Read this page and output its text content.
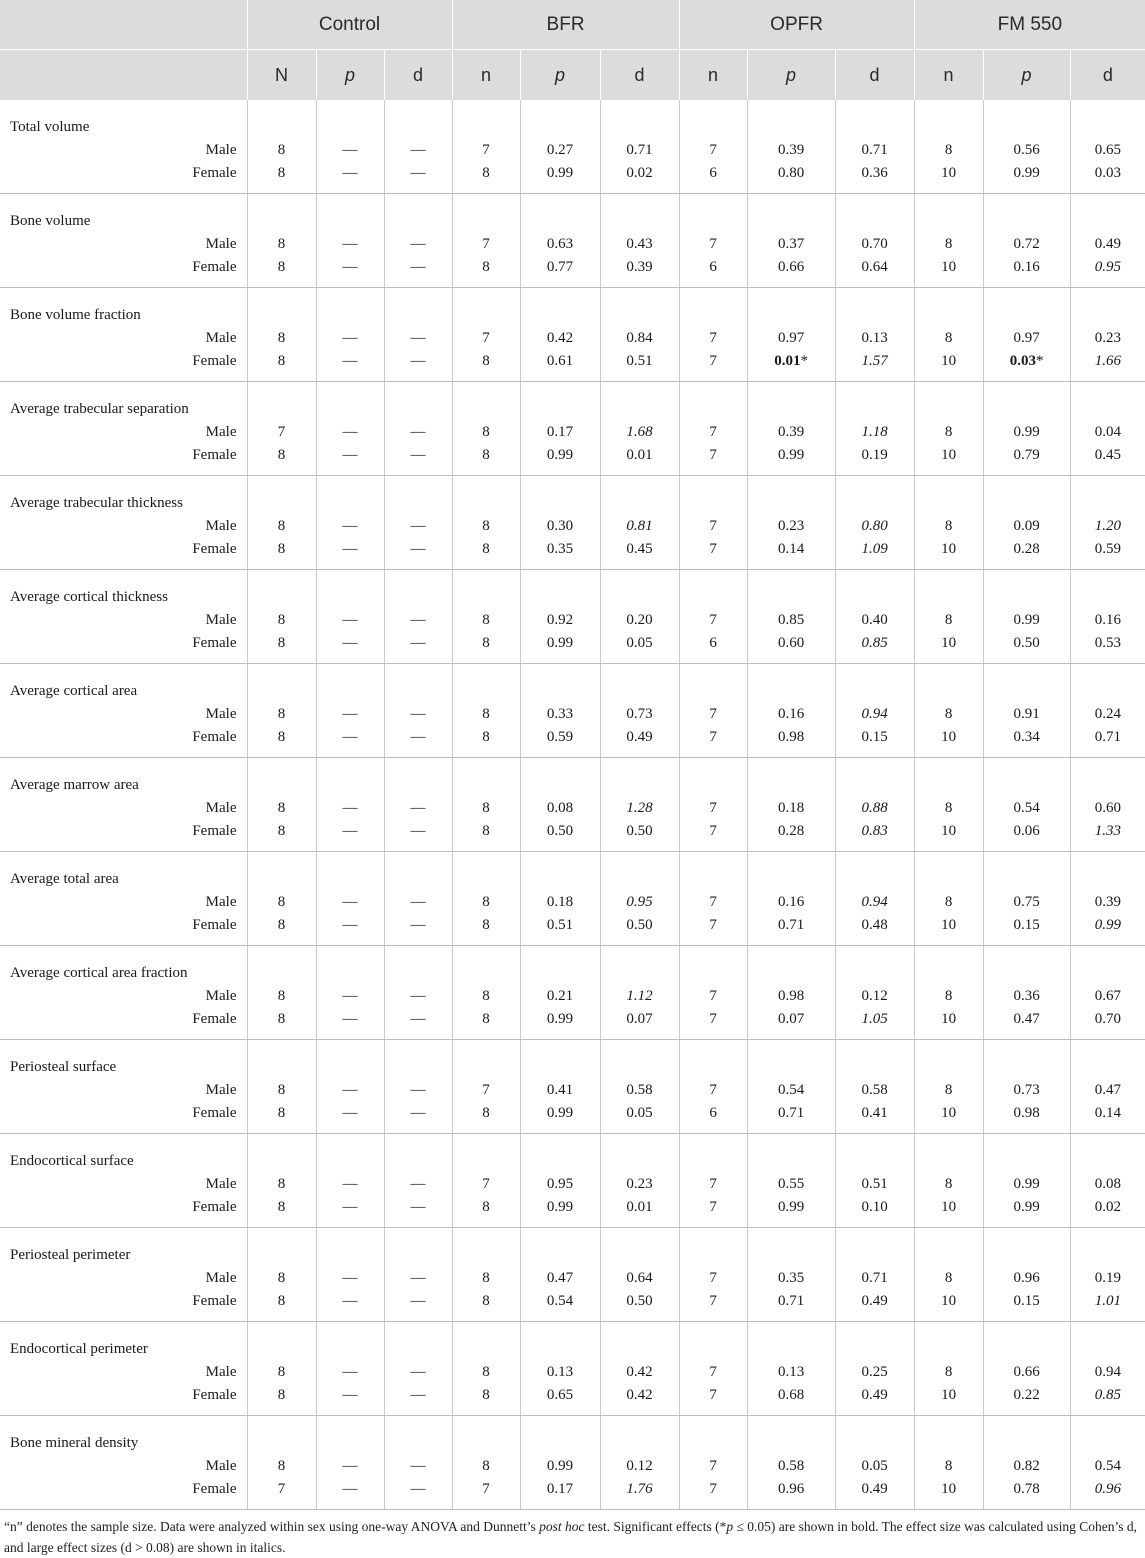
	Control			BFR			OPFR			FM 550		
	N	p	d	n	p	d	n	p	d	n	p	d
Total volume												
Male	8	—	—	7	0.27	0.71	7	0.39	0.71	8	0.56	0.65
Female	8	—	—	8	0.99	0.02	6	0.80	0.36	10	0.99	0.03
Bone volume												
Male	8	—	—	7	0.63	0.43	7	0.37	0.70	8	0.72	0.49
Female	8	—	—	8	0.77	0.39	6	0.66	0.64	10	0.16	0.95
Bone volume fraction												
Male	8	—	—	7	0.42	0.84	7	0.97	0.13	8	0.97	0.23
Female	8	—	—	8	0.61	0.51	7	0.01*	1.57	10	0.03*	1.66
Average trabecular separation												
Male	7	—	—	8	0.17	1.68	7	0.39	1.18	8	0.99	0.04
Female	8	—	—	8	0.99	0.01	7	0.99	0.19	10	0.79	0.45
Average trabecular thickness												
Male	8	—	—	8	0.30	0.81	7	0.23	0.80	8	0.09	1.20
Female	8	—	—	8	0.35	0.45	7	0.14	1.09	10	0.28	0.59
Average cortical thickness												
Male	8	—	—	8	0.92	0.20	7	0.85	0.40	8	0.99	0.16
Female	8	—	—	8	0.99	0.05	6	0.60	0.85	10	0.50	0.53
Average cortical area												
Male	8	—	—	8	0.33	0.73	7	0.16	0.94	8	0.91	0.24
Female	8	—	—	8	0.59	0.49	7	0.98	0.15	10	0.34	0.71
Average marrow area												
Male	8	—	—	8	0.08	1.28	7	0.18	0.88	8	0.54	0.60
Female	8	—	—	8	0.50	0.50	7	0.28	0.83	10	0.06	1.33
Average total area												
Male	8	—	—	8	0.18	0.95	7	0.16	0.94	8	0.75	0.39
Female	8	—	—	8	0.51	0.50	7	0.71	0.48	10	0.15	0.99
Average cortical area fraction												
Male	8	—	—	8	0.21	1.12	7	0.98	0.12	8	0.36	0.67
Female	8	—	—	8	0.99	0.07	7	0.07	1.05	10	0.47	0.70
Periosteal surface												
Male	8	—	—	7	0.41	0.58	7	0.54	0.58	8	0.73	0.47
Female	8	—	—	8	0.99	0.05	6	0.71	0.41	10	0.98	0.14
Endocortical surface												
Male	8	—	—	7	0.95	0.23	7	0.55	0.51	8	0.99	0.08
Female	8	—	—	8	0.99	0.01	7	0.99	0.10	10	0.99	0.02
Periosteal perimeter												
Male	8	—	—	8	0.47	0.64	7	0.35	0.71	8	0.96	0.19
Female	8	—	—	8	0.54	0.50	7	0.71	0.49	10	0.15	1.01
Endocortical perimeter												
Male	8	—	—	8	0.13	0.42	7	0.13	0.25	8	0.66	0.94
Female	8	—	—	8	0.65	0.42	7	0.68	0.49	10	0.22	0.85
Bone mineral density												
Male	8	—	—	8	0.99	0.12	7	0.58	0.05	8	0.82	0.54
Female	7	—	—	7	0.17	1.76	7	0.96	0.49	10	0.78	0.96
“n” denotes the sample size. Data were analyzed within sex using one-way ANOVA and Dunnett’s post hoc test. Significant effects (*p ≤ 0.05) are shown in bold. The effect size was calculated using Cohen’s d, and large effect sizes (d > 0.08) are shown in italics.
